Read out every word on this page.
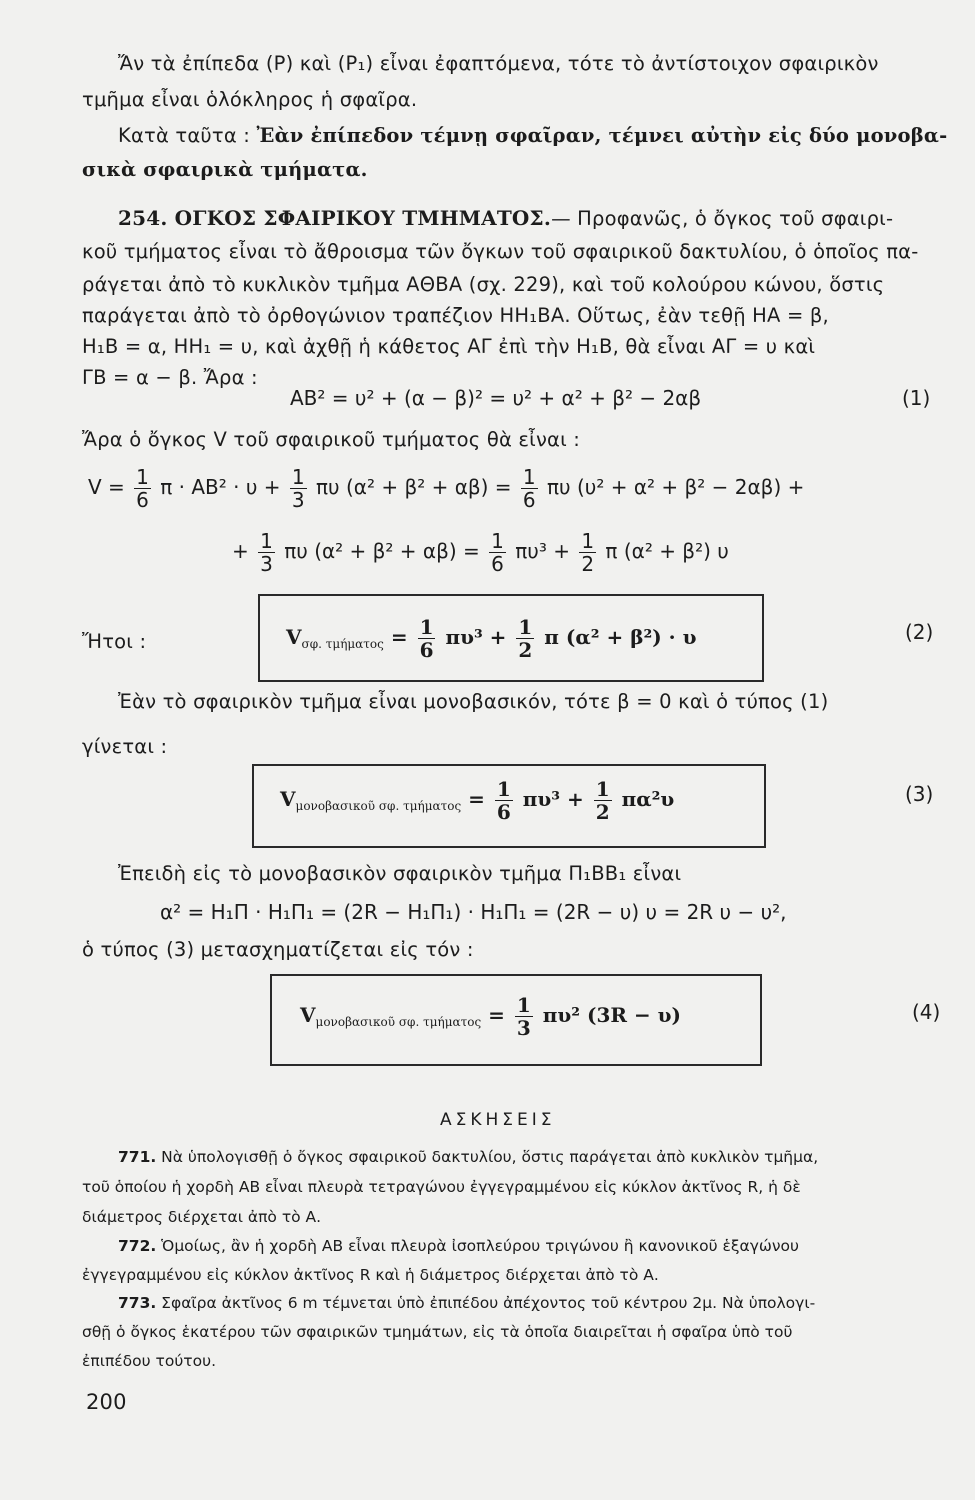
Ἄν τὰ ἐπίπεδα (Ρ) καὶ (Ρ₁) εἶναι ἐφαπτόμενα, τότε τὸ ἀντίστοιχον σφαιρικὸν
τμῆμα εἶναι ὁλόκληρος ἡ σφαῖρα.
Κατὰ ταῦτα : Ἐὰν ἐπίπεδον τέμνῃ σφαῖραν, τέμνει αὐτὴν εἰς δύο μονοβα-
σικὰ σφαιρικὰ τμήματα.
254. ΟΓΚΟΣ ΣΦΑΙΡΙΚΟΥ ΤΜΗΜΑΤΟΣ.— Προφανῶς, ὁ ὄγκος τοῦ σφαιρι-
κοῦ τμήματος εἶναι τὸ ἄθροισμα τῶν ὄγκων τοῦ σφαιρικοῦ δακτυλίου, ὁ ὁποῖος πα-
ράγεται ἀπὸ τὸ κυκλικὸν τμῆμα ΑΘΒΑ (σχ. 229), καὶ τοῦ κολούρου κώνου, ὅστις
παράγεται ἀπὸ τὸ ὀρθογώνιον τραπέζιον ΗΗ₁ΒΑ. Οὕτως, ἐὰν τεθῇ ΗΑ = β,
Η₁Β = α, ΗΗ₁ = υ, καὶ ἀχθῇ ἡ κάθετος ΑΓ ἐπὶ τὴν Η₁Β, θὰ εἶναι ΑΓ = υ καὶ
ΓΒ = α − β. Ἄρα :
ΑΒ² = υ² + (α − β)² = υ² + α² + β² − 2αβ	(1)
Ἄρα ὁ ὄγκος V τοῦ σφαιρικοῦ τμήματος θὰ εἶναι :
$V = \frac{1}{6}$ $\pi \cdot AB^2 \cdot \upsilon + \frac{1}{3}$ πυ $(\alpha^2 + \beta^2 + \alpha\beta) = \frac{1}{6}$ πυ (υ² + α² + β² − 2αβ) +
+ $\frac{1}{3}$ πυ $(\alpha^2 + \beta^2 + \alpha\beta) = \frac{1}{6} \pi\upsilon^3 + \frac{1}{2}$ π (α² + β²) υ
Ἤτοι :	$V_{\sigma\varphi. \tau\mu ή\mu\alpha\tau o\varsigma} = \frac{1}{6} \pi\upsilon^3 + \frac{1}{2}$ π (α² + β²) · υ	(2)
Ἐὰν τὸ σφαιρικὸν τμῆμα εἶναι μονοβασικόν, τότε β = 0 καὶ ὁ τύπος (1)
γίνεται :
$V_{\mu o\nu o\beta\alpha\sigma\iota\kappa oῦ \sigma\varphi. \tau\mu ή\mu\alpha\tau o\varsigma} = \frac{1}{6} \pi\upsilon^3 + \frac{1}{2} \pi\alpha^2\upsilon$	(3)
Ἐπειδὴ εἰς τὸ μονοβασικὸν σφαιρικὸν τμῆμα Π₁ΒΒ₁ εἶναι
α² = Η₁Π · Η₁Π₁ = (2R − Η₁Π₁) · Η₁Π₁ = (2R − υ) υ = 2R υ − υ²,
ὁ τύπος (3) μετασχηματίζεται εἰς τόν :
$V_{\mu o\nu o\beta\alpha\sigma\iota\kappa oῦ \sigma\varphi. \tau\mu ή\mu\alpha\tau o\varsigma} = \frac{1}{3} \pi\upsilon^2$ (3R − υ)	(4)
ΑΣΚΗΣΕΙΣ
771. Νὰ ὑπολογισθῇ ὁ ὄγκος σφαιρικοῦ δακτυλίου, ὅστις παράγεται ἀπὸ κυκλικὸν τμῆμα,
τοῦ ὁποίου ἡ χορδὴ ΑΒ εἶναι πλευρὰ τετραγώνου ἐγγεγραμμένου εἰς κύκλον ἀκτῖνος R, ἡ δὲ
διάμετρος διέρχεται ἀπὸ τὸ Α.
772. Ὁμοίως, ἂν ἡ χορδὴ ΑΒ εἶναι πλευρὰ ἰσοπλεύρου τριγώνου ἢ κανονικοῦ ἑξαγώνου
ἐγγεγραμμένου εἰς κύκλον ἀκτῖνος R καὶ ἡ διάμετρος διέρχεται ἀπὸ τὸ Α.
773. Σφαῖρα ἀκτῖνος 6 m τέμνεται ὑπὸ ἐπιπέδου ἀπέχοντος τοῦ κέντρου 2μ. Νὰ ὑπολογι-
σθῇ ὁ ὄγκος ἑκατέρου τῶν σφαιρικῶν τμημάτων, εἰς τὰ ὁποῖα διαιρεῖται ἡ σφαῖρα ὑπὸ τοῦ
ἐπιπέδου τούτου.
200
